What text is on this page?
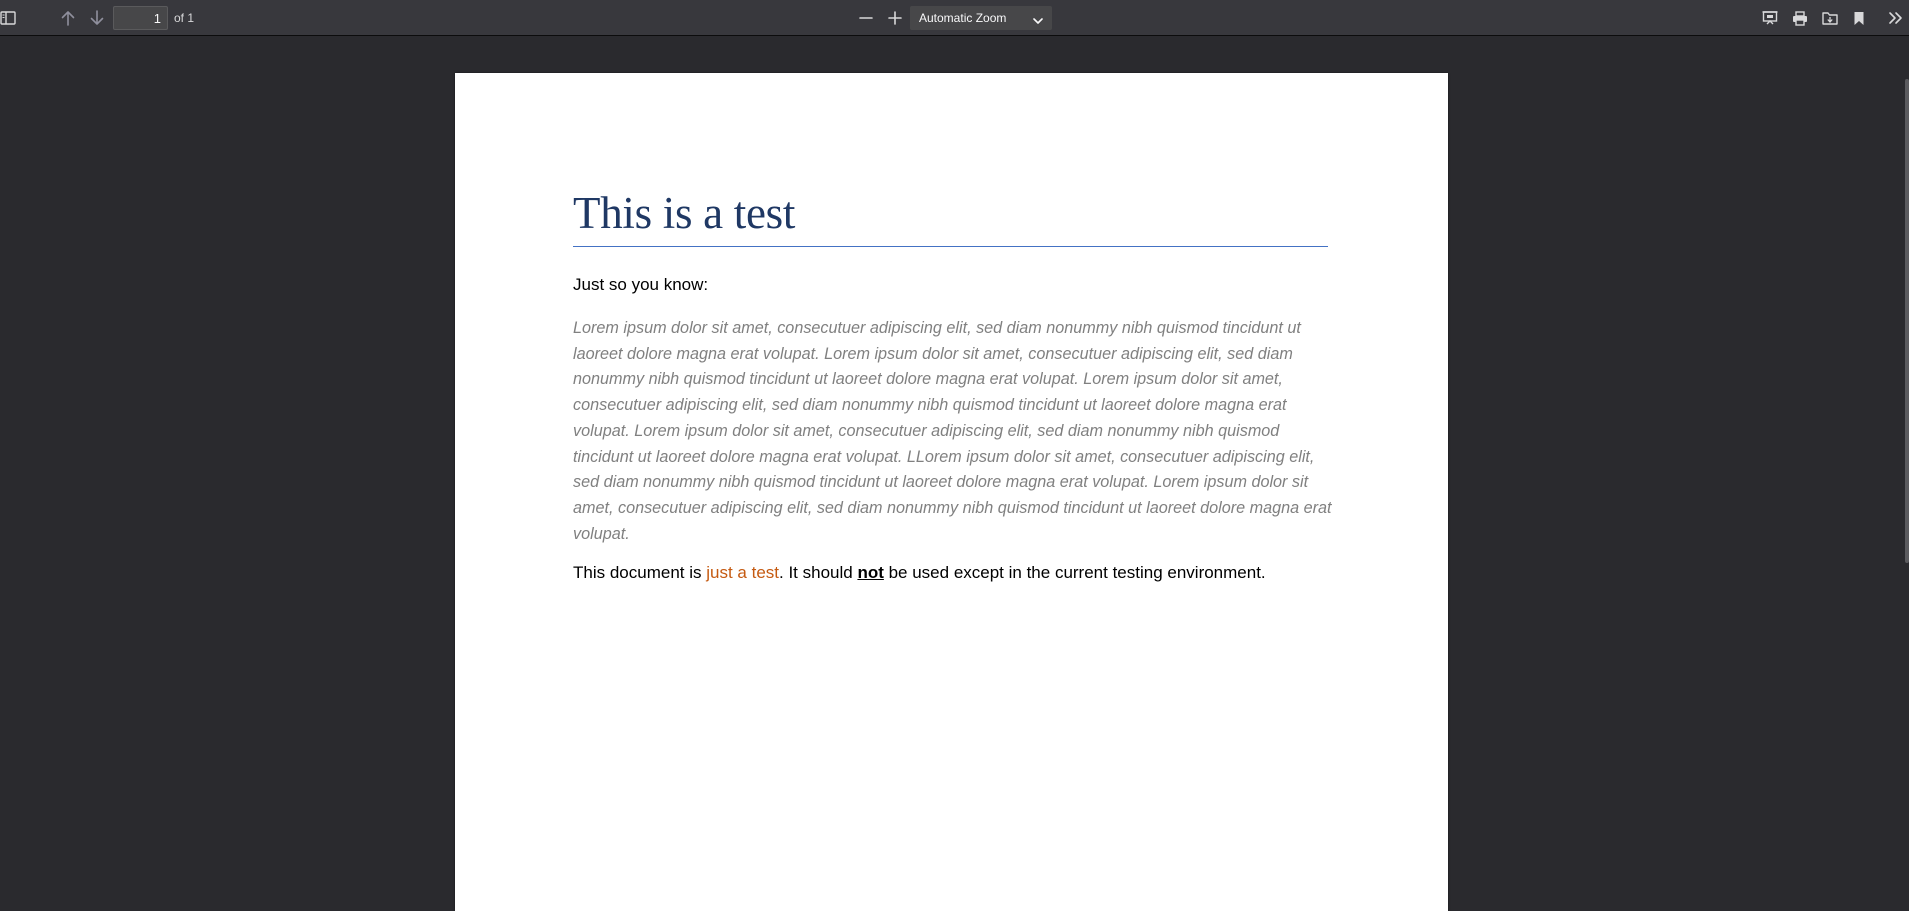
1
of 1	Automatic Zoom
This is a test

Just so you know:

Lorem ipsum dolor sit amet, consecutuer adipiscing elit, sed diam nonummy nibh quismod tincidunt ut laoreet dolore magna erat volupat. Lorem ipsum dolor sit amet, consecutuer adipiscing elit, sed diam nonummy nibh quismod tincidunt ut laoreet dolore magna erat volupat. Lorem ipsum dolor sit amet, consecutuer adipiscing elit, sed diam nonummy nibh quismod tincidunt ut laoreet dolore magna erat volupat. Lorem ipsum dolor sit amet, consecutuer adipiscing elit, sed diam nonummy nibh quismod tincidunt ut laoreet dolore magna erat volupat. LLorem ipsum dolor sit amet, consecutuer adipiscing elit, sed diam nonummy nibh quismod tincidunt ut laoreet dolore magna erat volupat. Lorem ipsum dolor sit amet, consecutuer adipiscing elit, sed diam nonummy nibh quismod tincidunt ut laoreet dolore magna erat volupat.

This document is just a test. It should not be used except in the current testing environment.
